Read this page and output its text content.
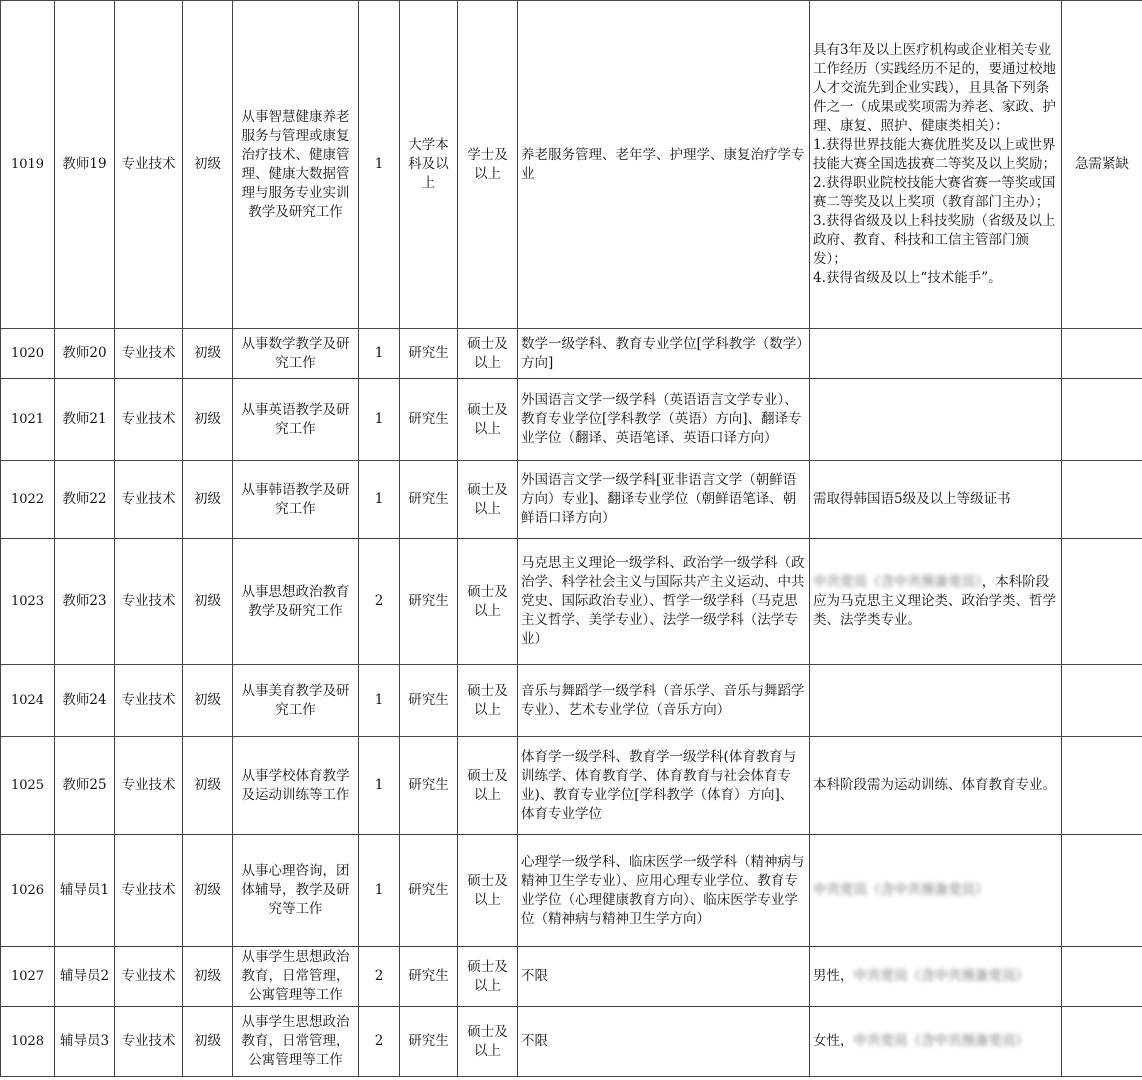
1019	教师19	专业技术	初级	从事智慧健康养老服务与管理或康复治疗技术、健康管理、健康大数据管理与服务专业实训教学及研究工作	1	大学本科及以上	学士及以上	养老服务管理、老年学、护理学、康复治疗学专业	具有3年及以上医疗机构或企业相关专业工作经历（实践经历不足的，要通过校地人才交流先到企业实践），且具备下列条件之一（成果或奖项需为养老、家政、护理、康复、照护、健康类相关）：
1.获得世界技能大赛优胜奖及以上或世界技能大赛全国选拔赛二等奖及以上奖励；
2.获得职业院校技能大赛省赛一等奖或国赛二等奖及以上奖项（教育部门主办）；
3.获得省级及以上科技奖励（省级及以上政府、教育、科技和工信主管部门颁发）；
4.获得省级及以上“技术能手”。	急需紧缺
1020	教师20	专业技术	初级	从事数学教学及研究工作	1	研究生	硕士及以上	数学一级学科、教育专业学位[学科教学（数学）方向]		
1021	教师21	专业技术	初级	从事英语教学及研究工作	1	研究生	硕士及以上	外国语言文学一级学科（英语语言文学专业）、教育专业学位[学科教学（英语）方向]、翻译专业学位（翻译、英语笔译、英语口译方向）		
1022	教师22	专业技术	初级	从事韩语教学及研究工作	1	研究生	硕士及以上	外国语言文学一级学科[亚非语言文学（朝鲜语方向）专业]、翻译专业学位（朝鲜语笔译、朝鲜语口译方向）	需取得韩国语5级及以上等级证书	
1023	教师23	专业技术	初级	从事思想政治教育教学及研究工作	2	研究生	硕士及以上	马克思主义理论一级学科、政治学一级学科（政治学、科学社会主义与国际共产主义运动、中共党史、国际政治专业）、哲学一级学科（马克思主义哲学、美学专业）、法学一级学科（法学专业）	中共党员（含中共预备党员），本科阶段应为马克思主义理论类、政治学类、哲学类、法学类专业。	
1024	教师24	专业技术	初级	从事美育教学及研究工作	1	研究生	硕士及以上	音乐与舞蹈学一级学科（音乐学、音乐与舞蹈学专业）、艺术专业学位（音乐方向）		
1025	教师25	专业技术	初级	从事学校体育教学及运动训练等工作	1	研究生	硕士及以上	体育学一级学科、教育学一级学科(体育教育与训练学、体育教育学、体育教育与社会体育专业)、教育专业学位[学科教学（体育）方向]、体育专业学位	本科阶段需为运动训练、体育教育专业。	
1026	辅导员1	专业技术	初级	从事心理咨询，团体辅导，教学及研究等工作	1	研究生	硕士及以上	心理学一级学科、临床医学一级学科（精神病与精神卫生学专业）、应用心理专业学位、教育专业学位（心理健康教育方向）、临床医学专业学位（精神病与精神卫生学方向）	中共党员（含中共预备党员）	
1027	辅导员2	专业技术	初级	从事学生思想政治教育，日常管理，公寓管理等工作	2	研究生	硕士及以上	不限	男性，中共党员（含中共预备党员）	
1028	辅导员3	专业技术	初级	从事学生思想政治教育，日常管理，公寓管理等工作	2	研究生	硕士及以上	不限	女性，中共党员（含中共预备党员）	
